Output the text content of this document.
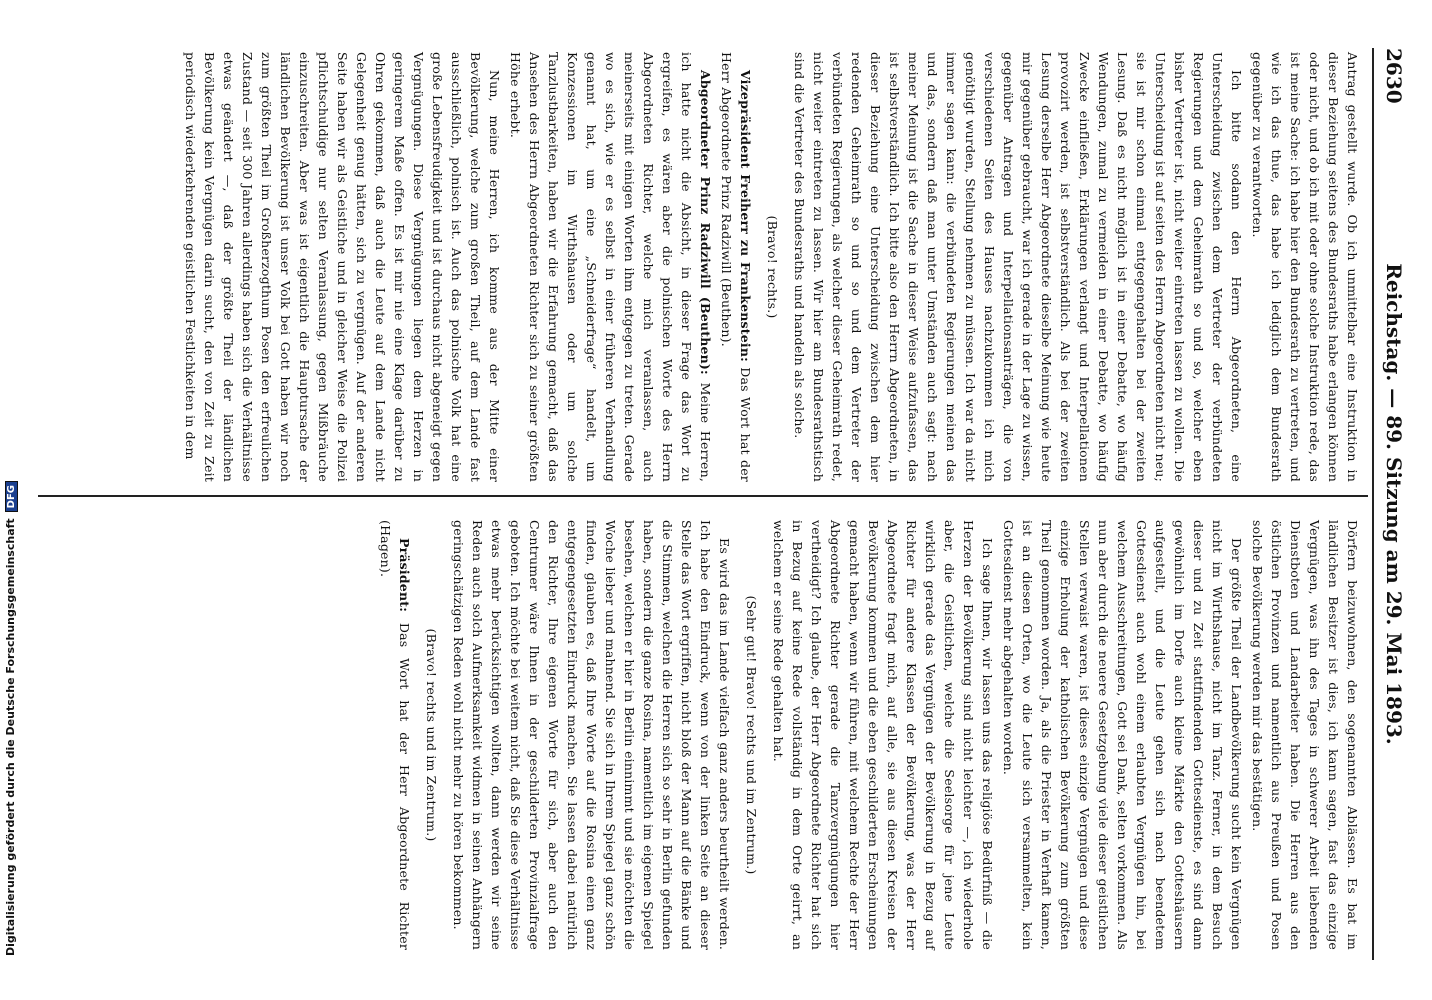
2630
Reichstag. — 89. Sitzung am 29. Mai 1893.

Antrag gestellt wurde. Ob ich unmittelbar eine Instruktion in dieser Beziehung seitens des Bundesraths habe erlangen können oder nicht, und ob ich mit oder ohne solche Instruktion rede, das ist meine Sache: ich habe hier den Bundesrath zu vertreten, und wie ich das thue, das habe ich lediglich dem Bundesrath gegenüber zu verantworten.

Ich bitte sodann den Herrn Abgeordneten, eine Unterscheidung zwischen dem Vertreter der verbündeten Regierungen und dem Geheimrath so und so, welcher eben bisher Vertreter ist, nicht weiter eintreten lassen zu wollen. Die Unterscheidung ist auf seiten des Herrn Abgeordneten nicht neu; sie ist mir schon einmal entgegengehalten bei der zweiten Lesung. Daß es nicht möglich ist in einer Debatte, wo häufig Wendungen, zumal zu vermeiden in einer Debatte, wo häufig Zwecke einfließen, Erklärungen verlangt und Interpellationen provozirt werden, ist selbstverständlich. Als bei der zweiten Lesung derselbe Herr Abgeordnete dieselbe Meinung wie heute mir gegenüber gebraucht, war ich gerade in der Lage zu wissen, gegenüber Antragen und Interpellationsanträgen, die von verschiedenen Seiten des Hauses nachzukommen ich mich genöthigt wurden, Stellung nehmen zu müssen. Ich war da nicht immer sagen kann: die verbündeten Regierungen meinen das und das, sondern daß man unter Umständen auch sagt: nach meiner Meinung ist die Sache in dieser Weise aufzufassen, das ist selbstverständlich. Ich bitte also den Herrn Abgeordneten, in dieser Beziehung eine Unterscheidung zwischen dem hier redenden Geheimrath so und so und dem Vertreter der verbündeten Regierungen, als welcher dieser Geheimrath redet, nicht weiter eintreten zu lassen. Wir hier am Bundesrathstisch sind die Vertreter des Bundesraths und handeln als solche.

(Bravo! rechts.)

Vizepräsident Freiherr zu Frankenstein: Das Wort hat der Herr Abgeordnete Prinz Radziwill (Beuthen).

Abgeordneter Prinz Radziwill (Beuthen): Meine Herren, ich hatte nicht die Absicht, in dieser Frage das Wort zu ergreifen, es wären aber die polnischen Worte des Herrn Abgeordneten Richter, welche mich veranlassen, auch meinerseits mit einigen Worten ihm entgegen zu treten. Gerade wo es sich, wie er es selbst in einer früheren Verhandlung genannt hat, um eine „Schneiderfrage“ handelt, um Konzessionen im Wirthshausen oder um solche Tanzlustbarkeiten, haben wir die Erfahrung gemacht, daß das Ansehen des Herrn Abgeordneten Richter sich zu seiner größten Höhe erhebt.

Nun, meine Herren, ich komme aus der Mitte einer Bevölkerung, welche zum großen Theil, auf dem Lande fast ausschließlich, polnisch ist. Auch das polnische Volk hat eine große Lebensfreudigkeit und ist durchaus nicht abgeneigt gegen Vergnügungen. Diese Vergnügungen liegen dem Herzen in geringerem Maße offen. Es ist mir nie eine Klage darüber zu Ohren gekommen, daß auch die Leute auf dem Lande nicht Gelegenheit genug hätten, sich zu vergnügen. Auf der anderen Seite haben wir als Geistliche und in gleicher Weise die Polizei pflichtschuldige nur selten Veranlassung, gegen Mißbräuche einzuschreiten. Aber was ist eigentlich die Hauptursache der ländlichen Bevölkerung ist unser Volk bei Gott haben wir noch zum größten Theil im Großherzogthum Posen den erfreulichen Zustand — seit 300 Jahren allerdings haben sich die Verhältnisse etwas geändert —, daß der größte Theil der ländlichen Bevölkerung kein Vergnügen darin sucht, den von Zeit zu Zeit periodisch wiederkehrenden geistlichen Festlichkeiten in dem

Dörfern beizuwohnen, den sogenannten Ablässen. Es bat im ländlichen Besitzer ist dies, ich kann sagen, fast das einzige Vergnügen, was ihn des Tages in schwerer Arbeit liebenden Dienstboten und Landarbeiter haben. Die Herren aus den östlichen Provinzen und namentlich aus Preußen und Posen solche Bevölkerung werden mir das bestätigen.

Der größte Theil der Landbevölkerung sucht kein Vergnügen nicht im Wirthshause, nicht im Tanz. Ferner, in dem Besuch dieser und zu Zeit stattfindenden Gottesdienste, es sind dann gewöhnlich im Dorfe auch kleine Märkte den Gotteshäusern aufgestellt, und die Leute gehen sich nach beendetem Gottesdienst auch wohl einem erlaubten Vergnügen hin, bei welchem Ausschreitungen, Gott sei Dank, selten vorkommen. Als nun aber durch die neuere Gesetzgebung viele dieser geistlichen Stellen verwaist waren, ist dieses einzige Vergnügen und diese einzige Erholung der katholischen Bevölkerung zum größten Theil genommen worden. Ja, als die Priester in Verhaft kamen, ist an diesen Orten, wo die Leute sich versammelten, kein Gottesdienst mehr abgehalten worden.

Ich sage Ihnen, wir lassen uns das religiöse Bedürfniß — die Herzen der Bevölkerung sind nicht leichter —, ich wiederhole aber, die Geistlichen, welche die Seelsorge für jene Leute wirklich gerade das Vergnügen der Bevölkerung in Bezug auf Richter für andere Klassen der Bevölkerung, was der Herr Abgeordnete fragt mich, auf alle, sie aus diesen Kreisen der Bevölkerung kommen und die eben geschilderten Erscheinungen gemacht haben, wenn wir führen, mit welchem Rechte der Herr Abgeordnete Richter gerade die Tanzvergnügungen hier vertheidigt? Ich glaube, der Herr Abgeordnete Richter hat sich in Bezug auf keine Rede vollständig in dem Orte geirrt, an welchem er seine Rede gehalten hat.

(Sehr gut! Bravo! rechts und im Zentrum.)

Es wird das im Lande vielfach ganz anders beurtheilt werden. Ich habe den Eindruck, wenn von der linken Seite an dieser Stelle das Wort ergriffen, nicht bloß der Mann auf die Bänke und die Stimmen, welchen die Herren sich so sehr in Berlin gefunden haben, sondern die ganze Rosina, namentlich im eigenen Spiegel besehen, welchen er hier in Berlin einnimmt und sie möchten die Woche lieber und mahnend. Sie sich in Ihrem Spiegel ganz schön finden, glauben es, daß Ihre Worte auf die Rosina einen ganz entgegengesetzten Eindruck machen. Sie lassen dabei natürlich den Richter, Ihre eigenen Worte für sich, aber auch den Centrumer wäre Ihnen in der geschilderten Provinzialfrage geboten. Ich möchte bei weitem nicht, daß Sie diese Verhältnisse etwas mehr berücksichtigen wollten, dann werden wir seine Reden auch solch Aufmerksamkeit widmen in seinen Anhängern geringschätzigen Reden wohl nicht mehr zu hören bekommen.

(Bravo! rechts und im Zentrum.)

Präsident: Das Wort hat der Herr Abgeordnete Richter (Hagen).

Digitalisierung gefördert durch die Deutsche ForschungsgemeinschaftDFG
